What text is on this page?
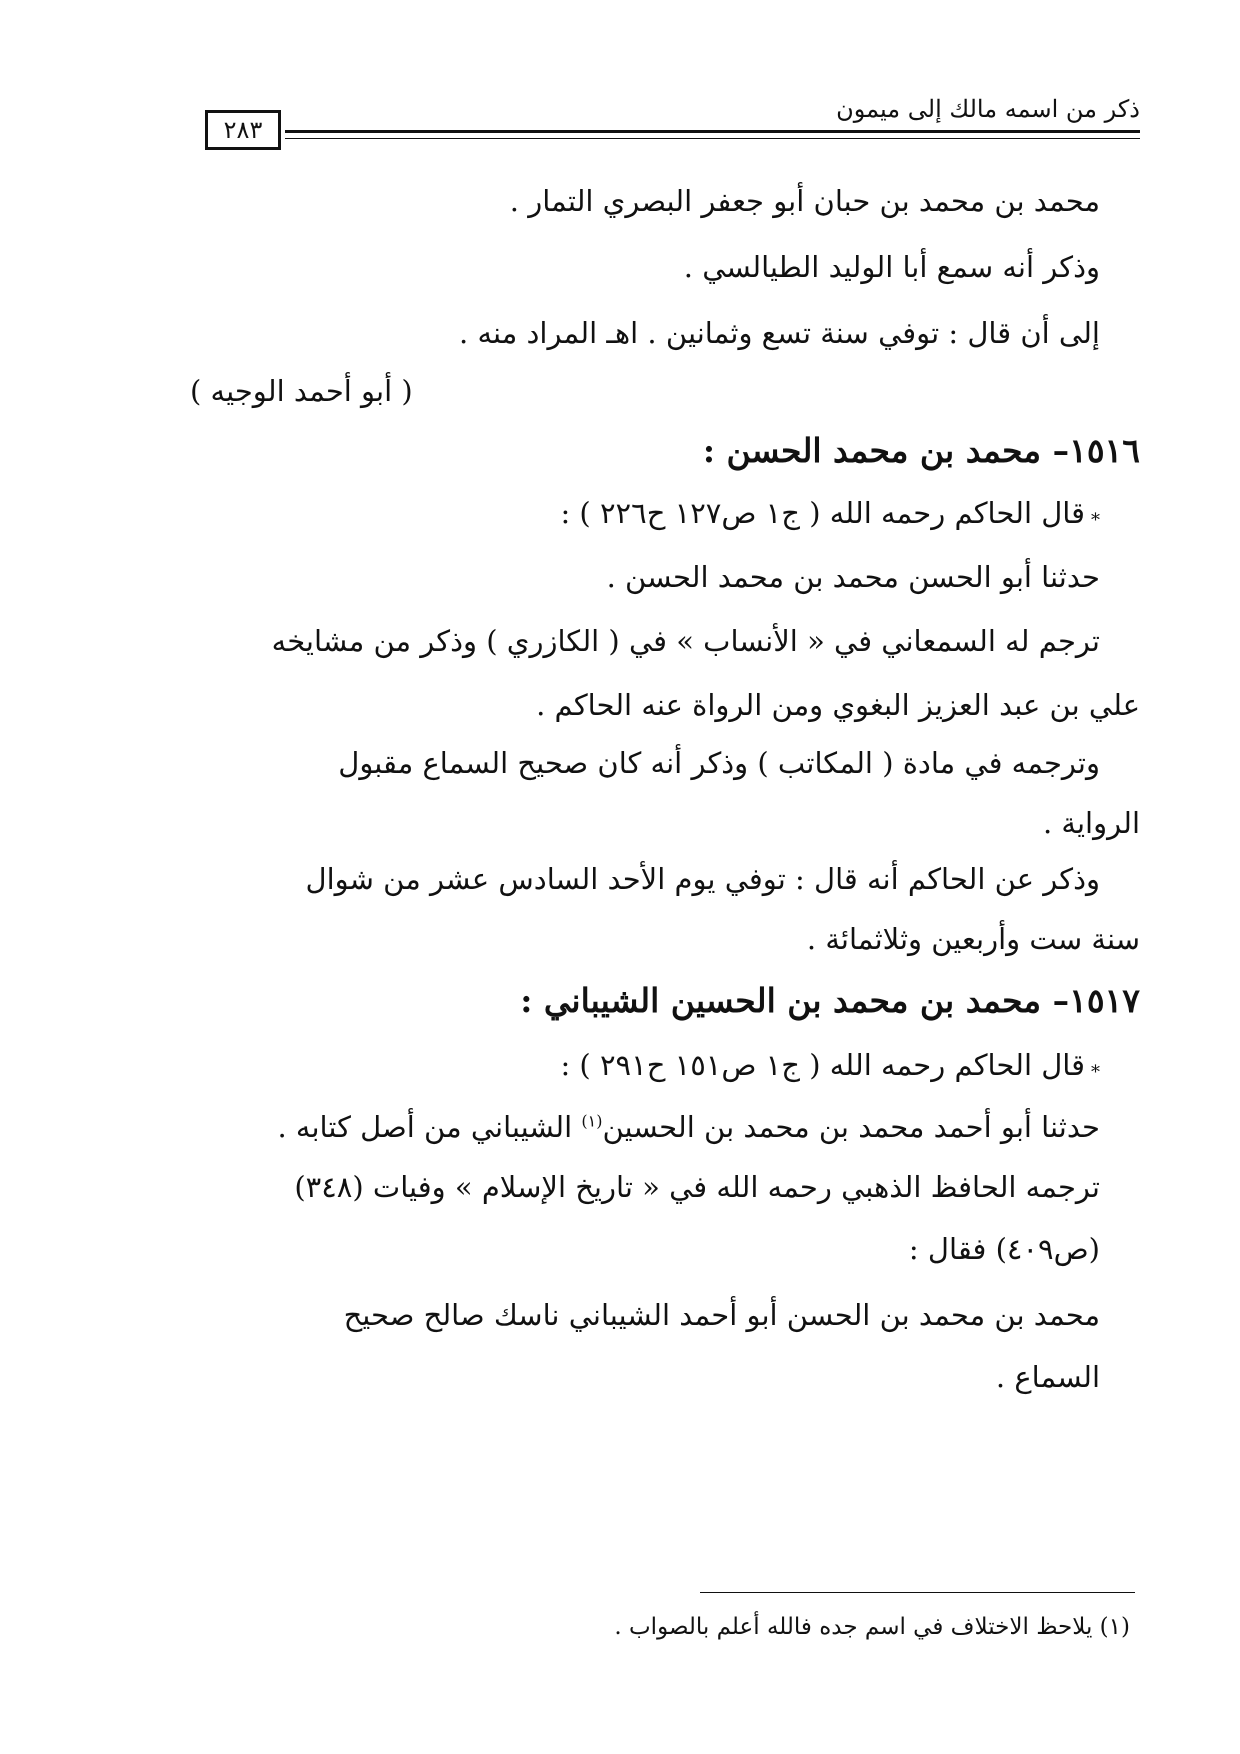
ذكر من اسمه مالك إلى ميمون
٢٨٣
محمد بن محمد بن حبان أبو جعفر البصري التمار .
وذكر أنه سمع أبا الوليد الطيالسي .
إلى أن قال : توفي سنة تسع وثمانين . اهـ المراد منه .
( أبو أحمد الوجيه )
١٥١٦– محمد بن محمد الحسن :
⁎قال الحاكم رحمه الله ( ج١ ص١٢٧ ح٢٢٦ ) :
حدثنا أبو الحسن محمد بن محمد الحسن .
ترجم له السمعاني في « الأنساب » في ( الكازري ) وذكر من مشايخه
علي بن عبد العزيز البغوي ومن الرواة عنه الحاكم .
وترجمه في مادة ( المكاتب ) وذكر أنه كان صحيح السماع مقبول
الرواية .
وذكر عن الحاكم أنه قال : توفي يوم الأحد السادس عشر من شوال
سنة ست وأربعين وثلاثمائة .
١٥١٧– محمد بن محمد بن الحسين الشيباني :
⁎قال الحاكم رحمه الله ( ج١ ص١٥١ ح٢٩١ ) :
حدثنا أبو أحمد محمد بن محمد بن الحسين$^{(١)}$ الشيباني من أصل كتابه .
ترجمه الحافظ الذهبي رحمه الله في « تاريخ الإسلام » وفيات (٣٤٨)
(ص٤٠٩) فقال :
محمد بن محمد بن الحسن أبو أحمد الشيباني ناسك صالح صحيح
السماع .
(١) يلاحظ الاختلاف في اسم جده فالله أعلم بالصواب .
